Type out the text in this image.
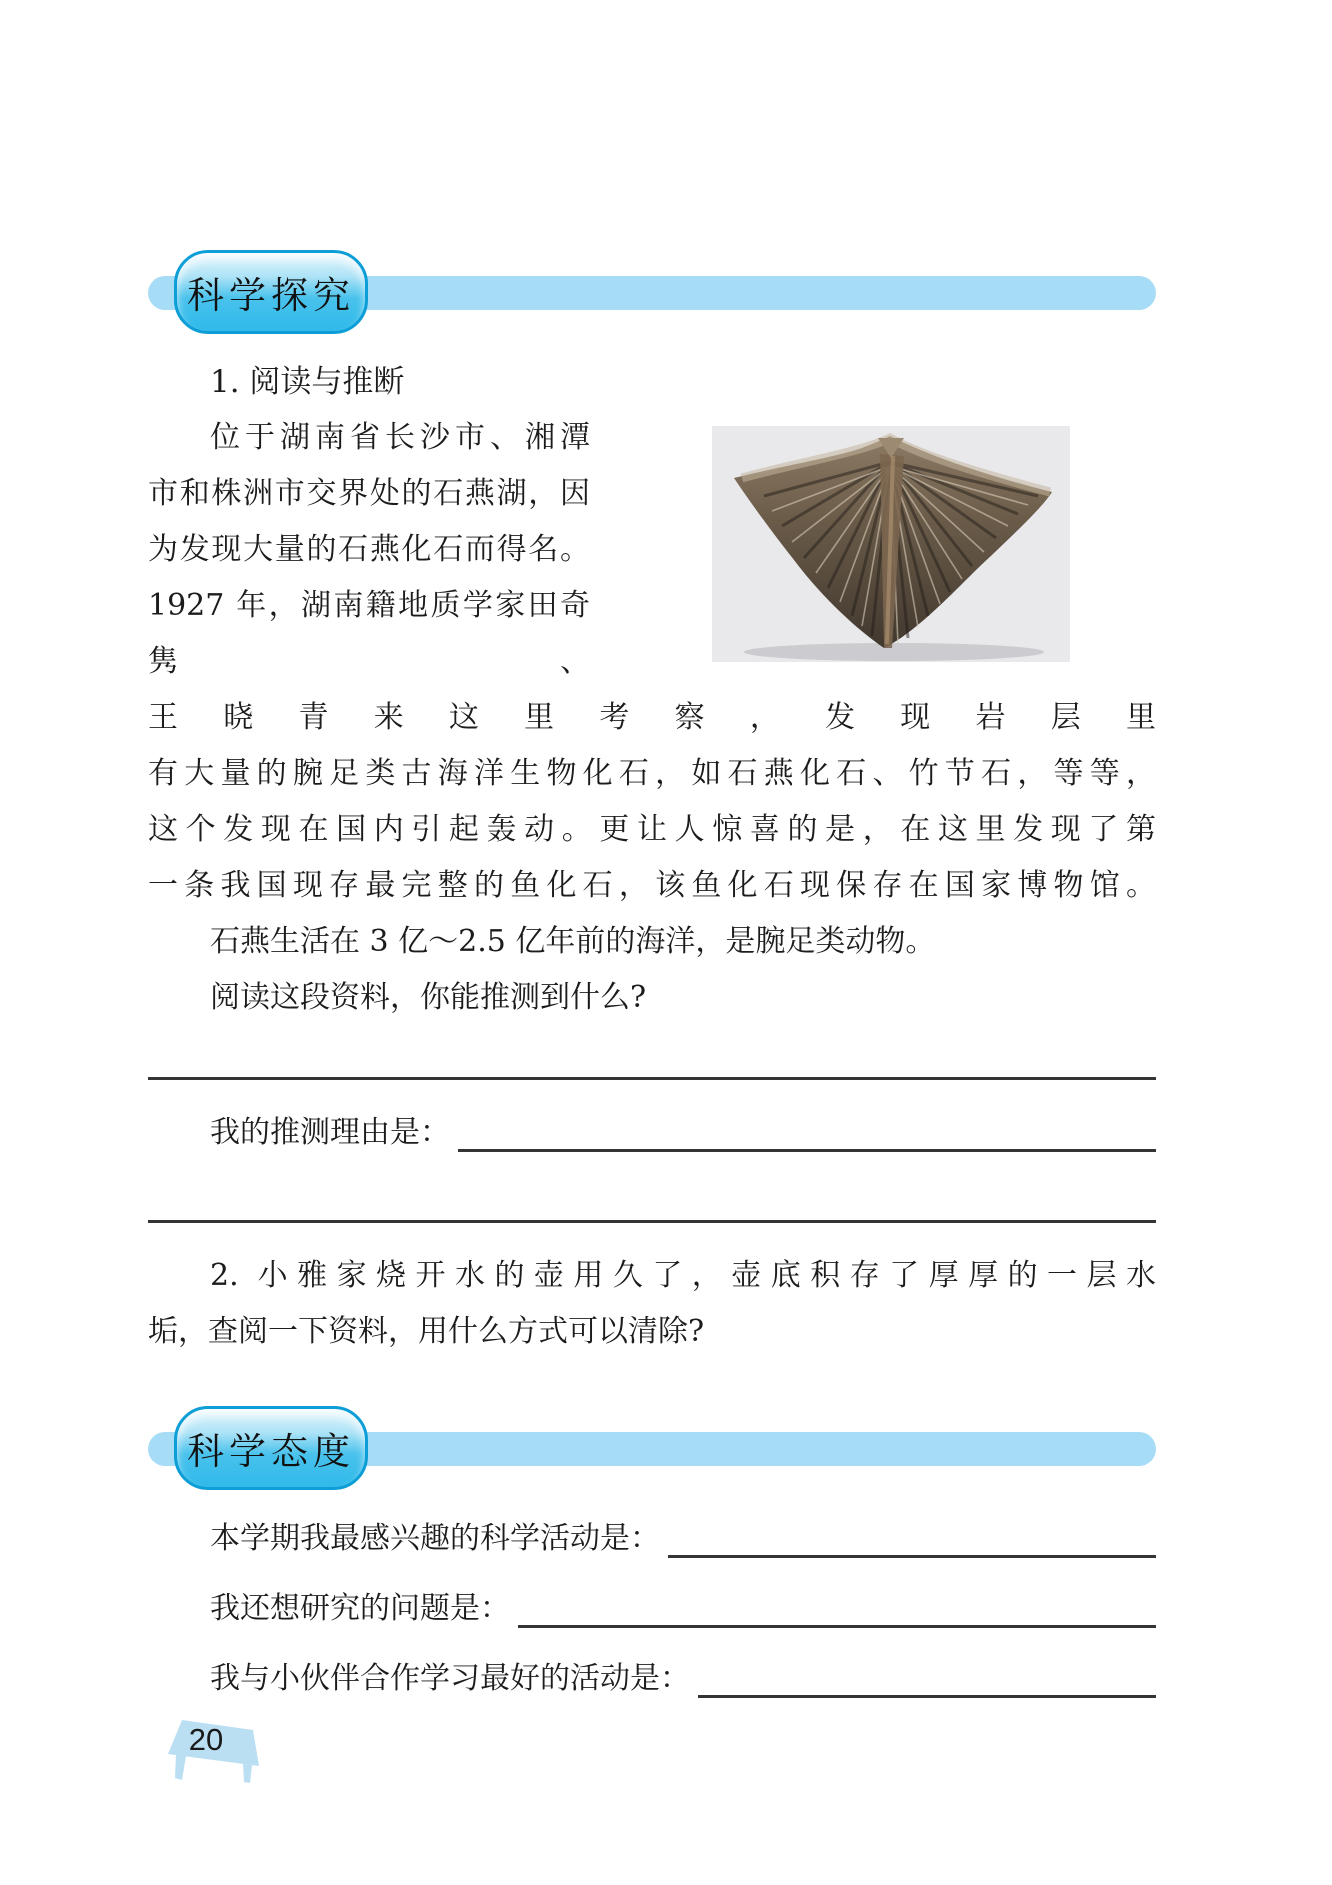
科学探究
1. 阅读与推断
位于湖南省长沙市、湘潭
市和株洲市交界处的石燕湖，因
为发现大量的石燕化石而得名。
1927 年，湖南籍地质学家田奇隽、
王晓青来这里考察，发现岩层里
有大量的腕足类古海洋生物化石，如石燕化石、竹节石，等等，
这个发现在国内引起轰动。更让人惊喜的是，在这里发现了第
一条我国现存最完整的鱼化石，该鱼化石现保存在国家博物馆。
石燕生活在 3 亿～2.5 亿年前的海洋，是腕足类动物。
阅读这段资料，你能推测到什么?
我的推测理由是：
2. 小雅家烧开水的壶用久了，壶底积存了厚厚的一层水
垢，查阅一下资料，用什么方式可以清除?
科学态度
本学期我最感兴趣的科学活动是：
我还想研究的问题是：
我与小伙伴合作学习最好的活动是：
20
